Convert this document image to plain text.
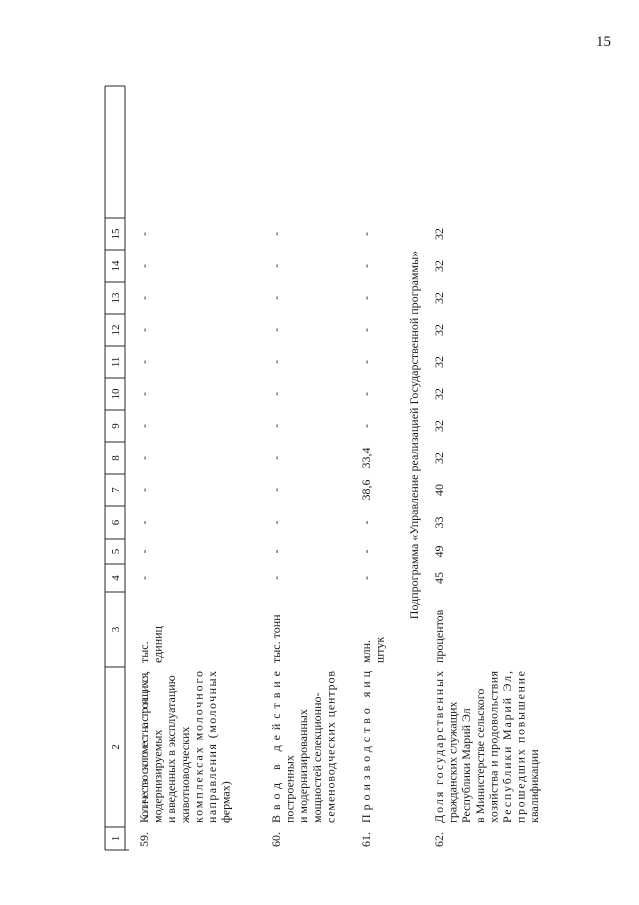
15
1
2
3
4
5
6
7
8
9
10
11
12
13
14
15
59.
Количество скотомест на строящихся,
модернизируемых и введенных в эксплуатацию животноводческих комплексах молочного
направления (молочных
фермах)
тыс. единиц
-
-
-
-
-
-
-
-
-
-
-
-
60.
Ввод в действие
построенных и модернизированных мощностей селекционно- семеноводческих центров
тыс. тонн
-
-
-
-
-
-
-
-
-
-
-
-
61.
Производство яиц
млн. штук
-
-
-
38,6
33,4
-
-
-
-
-
-
-
62.
Доля государственных
гражданских служащих Республики Марий Эл в Министерстве сельского хозяйства и продовольствия
Республики Марий Эл,
прошедших повышение
квалификации
процентов
45
49
33
40
32
32
32
32
32
32
32
32
Подпрограмма «Управление реализацией Государственной программы»
